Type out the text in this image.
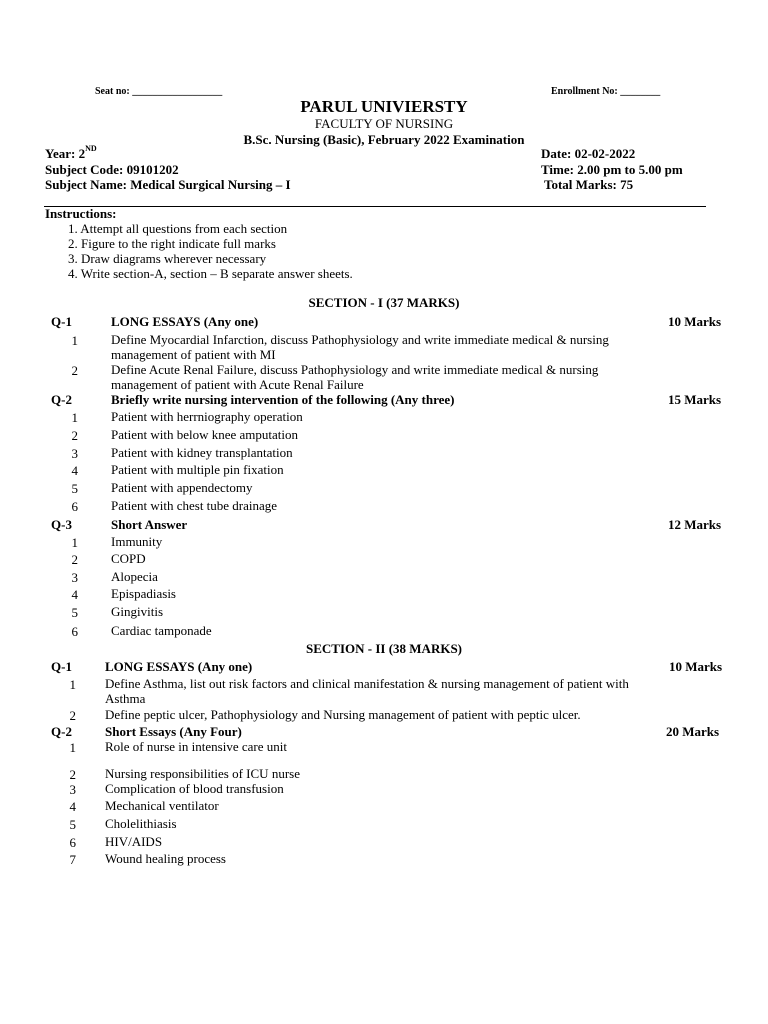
Seat no: __________________	Enrollment No: ________
PARUL UNIVIERSTY
FACULTY OF NURSING
B.Sc. Nursing (Basic), February 2022 Examination
Year: 2ND	Date: 02-02-2022
Subject Code: 09101202	Time: 2.00 pm to 5.00 pm
Subject Name: Medical Surgical Nursing – I	Total Marks: 75
Instructions:
1. Attempt all questions from each section
2. Figure to the right indicate full marks
3. Draw diagrams wherever necessary
4. Write section-A, section – B separate answer sheets.
SECTION - I (37 MARKS)
Q-1	LONG ESSAYS (Any one)	10 Marks
1	Define Myocardial Infarction, discuss Pathophysiology and write immediate medical & nursing management of patient with MI
2	Define Acute Renal Failure, discuss Pathophysiology and write immediate medical & nursing management of patient with Acute Renal Failure
Q-2	Briefly write nursing intervention of the following (Any three)	15 Marks
1	Patient with herrniography operation
2	Patient with below knee amputation
3	Patient with kidney transplantation
4	Patient with multiple pin fixation
5	Patient with appendectomy
6	Patient with chest tube drainage
Q-3	Short Answer	12 Marks
1	Immunity
2	COPD
3	Alopecia
4	Epispadiasis
5	Gingivitis
6	Cardiac tamponade
SECTION - II (38 MARKS)
Q-1	LONG ESSAYS (Any one)	10 Marks
1 Define Asthma, list out risk factors and clinical manifestation & nursing management of patient with Asthma
2 Define peptic ulcer, Pathophysiology and Nursing management of patient with peptic ulcer.
Q-2	Short Essays (Any Four)	20 Marks
1 Role of nurse in intensive care unit
2 Nursing responsibilities of ICU nurse
3 Complication of blood transfusion
4 Mechanical ventilator
5 Cholelithiasis
6 HIV/AIDS
7 Wound healing process
